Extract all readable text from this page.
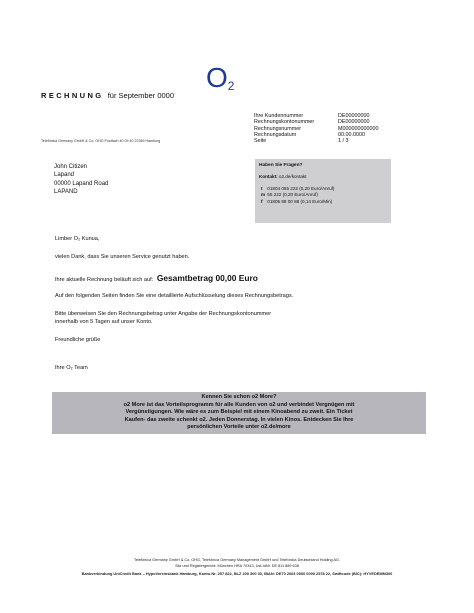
RECHNUNG für September 0000
$O_2$
Telefónica Germany GmbH & Co. OHG Postfach 40 09 40 22389 Hamburg
Ihre Kundennummer	DE00000000
Rechnungskontonummer	DE00000000
Rechnungsnummer	M000000000000
Rechnungsdatum	00.00.0000
Seite	1 / 3
John Citizen
Lapand
00000 Lapand Road
LAPAND
Haben Sie Fragen?
Kontakt: o2.de/kontakt
t 01804 055 222 (0,20 Euro/Anruf)
m 55 222 (0,20 Euro/Anruf)
f 01805 88 00 88 (0,14 Euro/Min)
Limber O₂ Kunua,
vielen Dank, dass Sie unseren Service genutzt haben.
Ihre aktuelle Rechnung beläuft sich auf: Gesamtbetrag 00,00 Euro
Auf den folgenden Seiten finden Sie eine detaillierte Aufschlüsselung dieses Rechnungsbetrags.
Bitte überweisen Sie den Rechnungsbetrag unter Angabe der Rechnungskontonummer
innerhalb von 5 Tagen auf unser Konto.
Freundliche grüße
Ihre O₂ Team
Kennen Sie schon o2 More?
o2 More ist das Vorteilsprogramm für alle Kunden von o2 und verbindet Vergnügen mit
Vergünstigungen. Wie wäre es zum Beispiel mit einem Kinoabend zu zweit. Ein Ticket
Kaufen- das zweite schenkt o2. Jeden Donnerstag. In vielen Kinos. Entdecken Sie Ihre
persönlichen Vorteile unter o2.de/more
Telefónica Germany GmbH & Co. OHG, Telefónica Germany Management GmbH und Telefónica Deutschland Holding AG,
Sitz und Registergericht: München HRA 70343, Ust-IdNr. DE 811 889 638
Bankverbindung UniCredit Bank – HypoVereinsbank Hamburg, Konto-Nr. 257 822, BLZ 200 300 00, IBAN: DE70 2003 0000 0000 2578 22, Swiftcode (BIC): HYVEDEMM300
